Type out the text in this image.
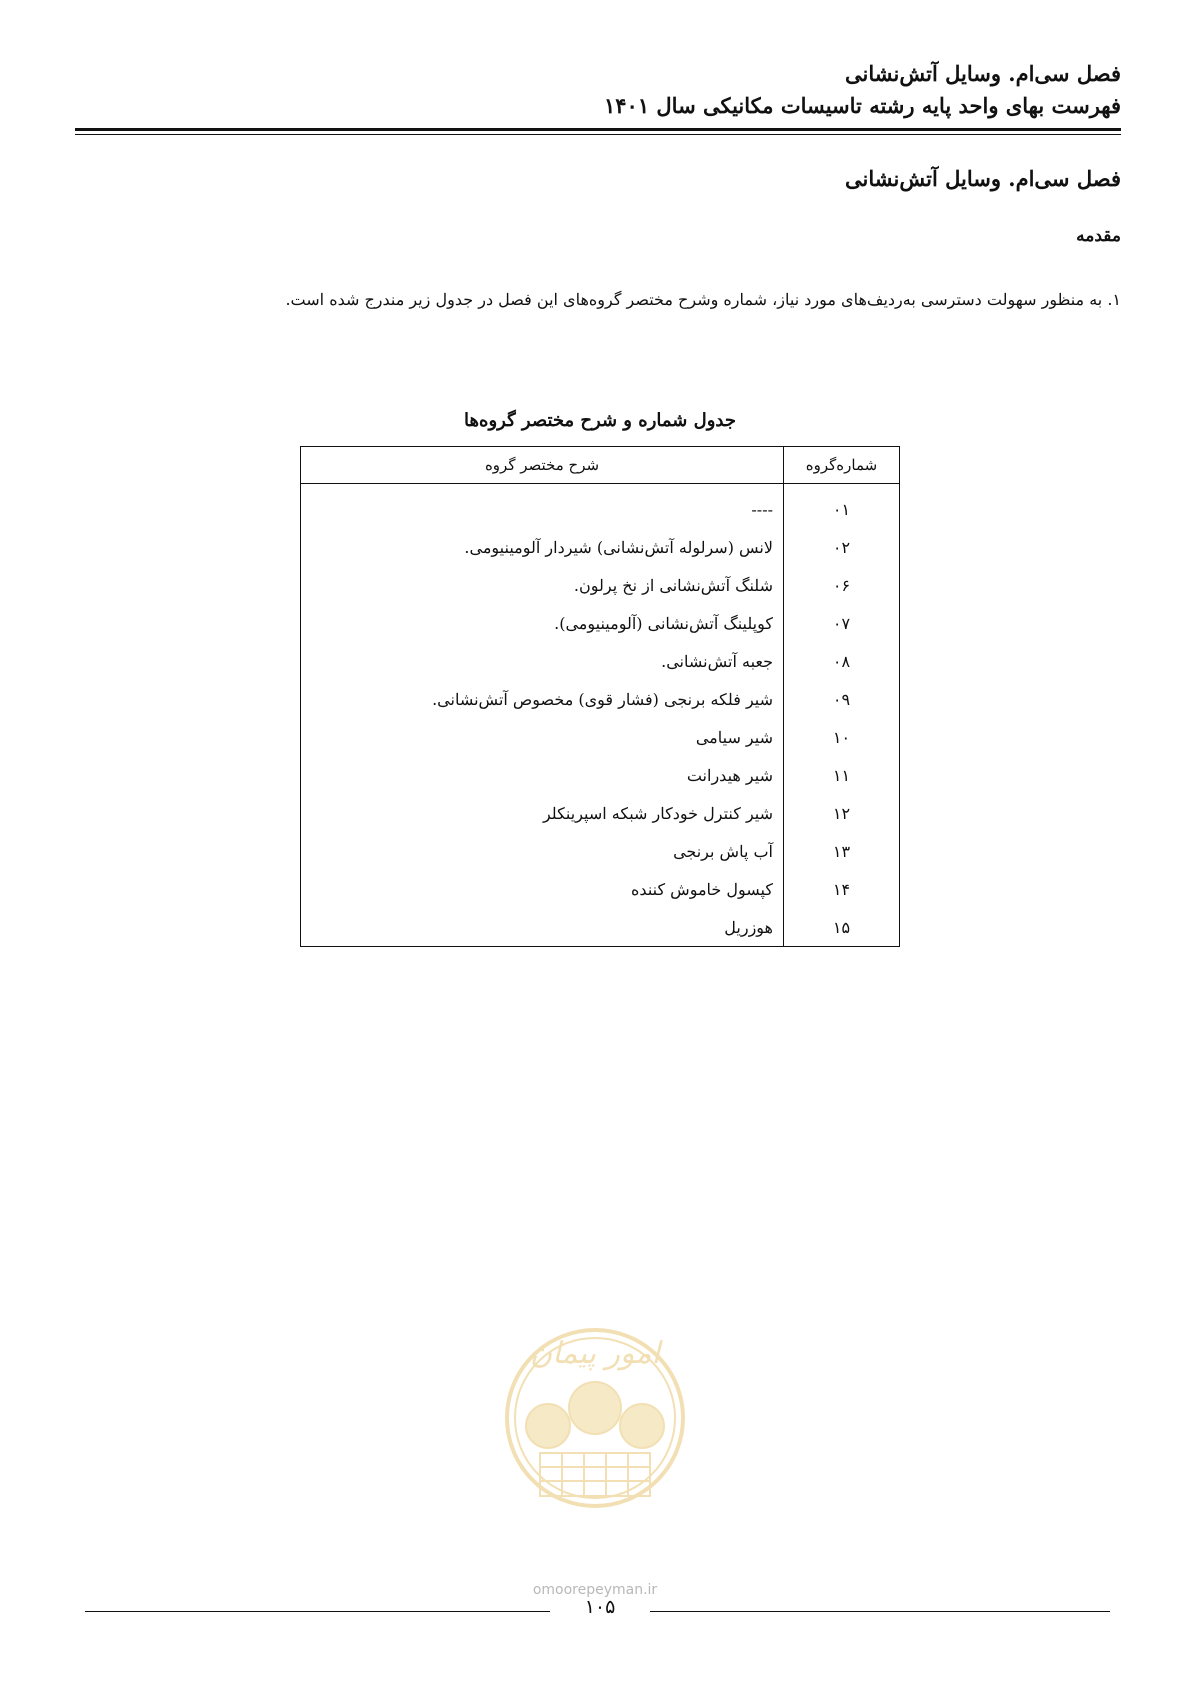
فصل سی‌ام. وسایل آتش‌نشانی
فهرست بهای واحد پایه رشته تاسیسات مکانیکی سال ۱۴۰۱
فصل سی‌ام. وسایل آتش‌نشانی
مقدمه
۱. به منظور سهولت دسترسی به‌ردیف‌های مورد نیاز، شماره وشرح مختصر گروه‌های این فصل در جدول زیر مندرج شده است.
جدول شماره و شرح مختصر گروه‌ها
شماره‌گروه	شرح مختصر گروه
۰۱	----
۰۲	لانس (سرلوله آتش‌نشانی) شیردار آلومینیومی.
۰۶	شلنگ آتش‌نشانی از نخ پرلون.
۰۷	کوپلینگ آتش‌نشانی (آلومینیومی).
۰۸	جعبه آتش‌نشانی.
۰۹	شیر فلکه برنجی (فشار قوی) مخصوص آتش‌نشانی.
۱۰	شیر سیامی
۱۱	شیر هیدرانت
۱۲	شیر کنترل خودکار شبکه اسپرینکلر
۱۳	آب پاش برنجی
۱۴	کپسول خاموش کننده
۱۵	هوزریل
امور پیمان
omoorepeyman.ir
۱۰۵
